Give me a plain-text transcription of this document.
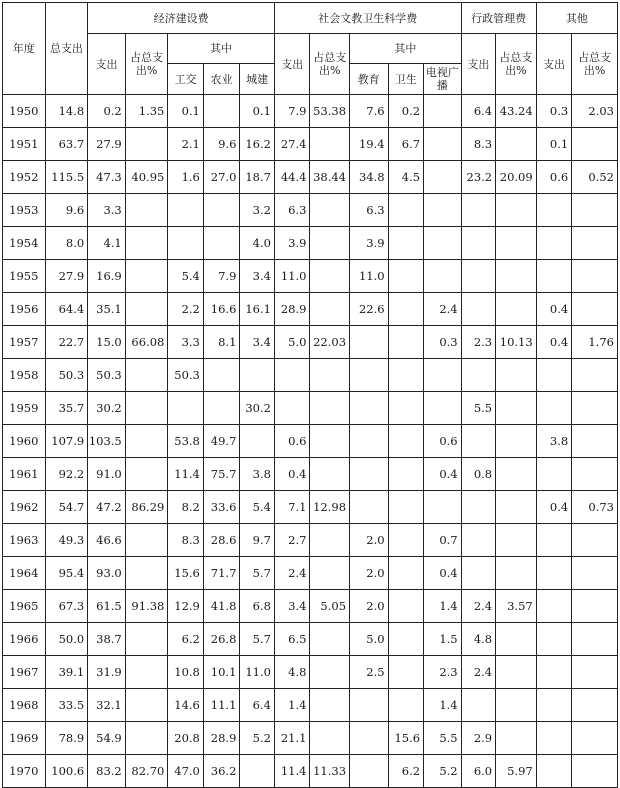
年度	总支出	经济建设费					社会文教卫生科学费					行政管理费		其他	
		支出	占总支出%	其中			支出	占总支出%	其中			支出	占总支出%	支出	占总支出%
				工交	农业	城建			教育	卫生	电视广播				
1950	14.8	0.2	1.35	0.1		0.1	7.9	53.38	7.6	0.2		6.4	43.24	0.3	2.03
1951	63.7	27.9		2.1	9.6	16.2	27.4		19.4	6.7		8.3		0.1	
1952	115.5	47.3	40.95	1.6	27.0	18.7	44.4	38.44	34.8	4.5		23.2	20.09	0.6	0.52
1953	9.6	3.3				3.2	6.3		6.3						
1954	8.0	4.1				4.0	3.9		3.9						
1955	27.9	16.9		5.4	7.9	3.4	11.0		11.0						
1956	64.4	35.1		2.2	16.6	16.1	28.9		22.6		2.4			0.4	
1957	22.7	15.0	66.08	3.3	8.1	3.4	5.0	22.03			0.3	2.3	10.13	0.4	1.76
1958	50.3	50.3		50.3											
1959	35.7	30.2				30.2						5.5			
1960	107.9	103.5		53.8	49.7		0.6				0.6			3.8	
1961	92.2	91.0		11.4	75.7	3.8	0.4				0.4	0.8			
1962	54.7	47.2	86.29	8.2	33.6	5.4	7.1	12.98						0.4	0.73
1963	49.3	46.6		8.3	28.6	9.7	2.7		2.0		0.7				
1964	95.4	93.0		15.6	71.7	5.7	2.4		2.0		0.4				
1965	67.3	61.5	91.38	12.9	41.8	6.8	3.4	5.05	2.0		1.4	2.4	3.57		
1966	50.0	38.7		6.2	26.8	5.7	6.5		5.0		1.5	4.8			
1967	39.1	31.9		10.8	10.1	11.0	4.8		2.5		2.3	2.4			
1968	33.5	32.1		14.6	11.1	6.4	1.4				1.4				
1969	78.9	54.9		20.8	28.9	5.2	21.1			15.6	5.5	2.9			
1970	100.6	83.2	82.70	47.0	36.2		11.4	11.33		6.2	5.2	6.0	5.97		
